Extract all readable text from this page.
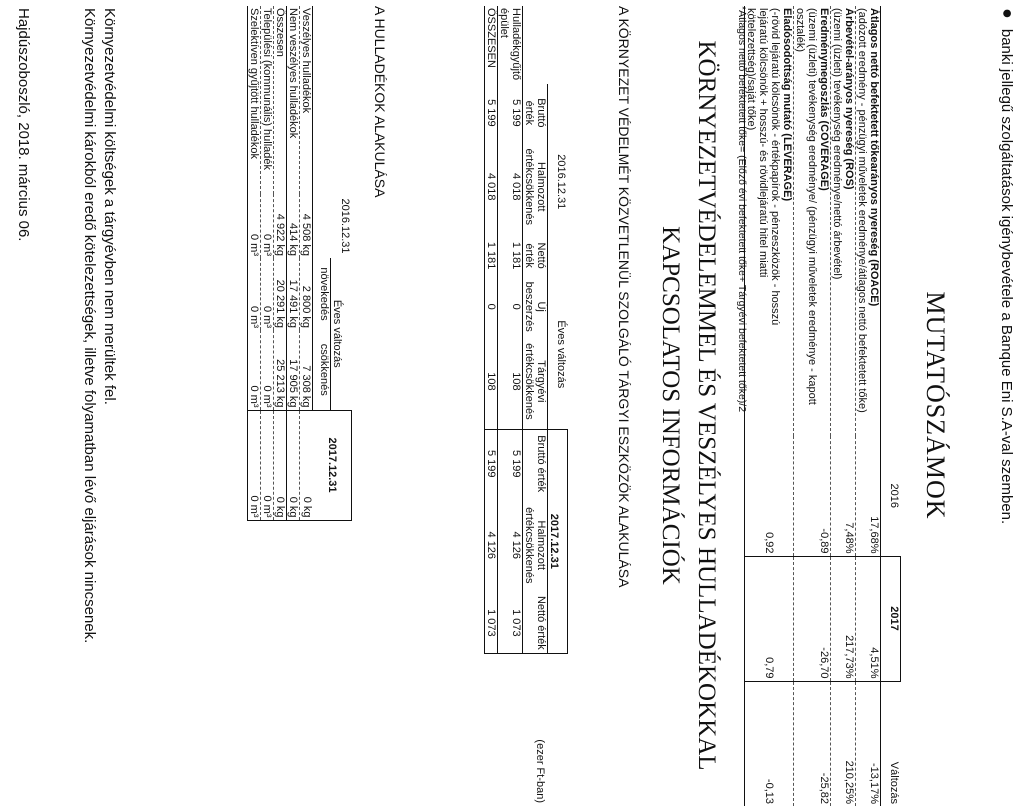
●banki jellegű szolgáltatások igénybevétele a Banque Eni S.A-val szemben.
MUTATÓSZÁMOK
	2016	2017	Változás

Átlagos nettó befektetett tőkearányos nyereség (ROACE)
(adózott eredmény - pénzügyi műveletek eredménye/átlagos nettó befektetett tőke)	17,68%	4,51%	-13,17%

Árbevétel-arányos nyereség (ROS)
(üzemi (üzleti) tevékenység eredménye/nettó árbevétel)	7,48%	217,73%	210,25%

Eredménymegoszlás (COVERAGE)
(üzemi (üzleti) tevékenység eredménye/ (pénzügyi műveletek eredménye - kapott osztalék)	-0,89	-26,70	-25,82

Eladósodottság mutató (LEVERAGE)
(-rövid lejáratú kölcsönök - értékpapírok - pénzeszközök - hosszú lejáratú kölcsönök + hosszú- és rövidlejáratú hitel miatti kötelezettség)/saját tőke)	0,92	0,79	-0,13
*Átlagos nettó befektetett tőke= (Előző évi befektetett tőke+ Tárgyévi befektetett tőke)/2
KÖRNYEZETVÉDELEMMEL ÉS VESZÉLYES HULLADÉKOKKAL
KAPCSOLATOS INFORMÁCIÓK
A KÖRNYEZET VÉDELMÉT KÖZVETLENÜL SZOLGÁLÓ TÁRGYI ESZKÖZÖK ALAKULÁSA
(ezer Ft-ban)
	2016.12.31			Éves változás		2017.12.31			
	Bruttó érték	Halmozott értékcsökkenés	Nettó érték	Új beszerzés	Tárgyévi értékcsökkenés	Bruttó érték	Halmozott értékcsökkenés	Nettó érték	
Hulladékgyűjtő épület	5 199	4 018	1 181	0	108	5 199	4 126	1 073	
ÖSSZESEN	5 199	4 018	1 181	0	108	5 199	4 126	1 073	
A HULLADÉKOK ALAKULÁSA
	2016.12.31	Éves változás		2017.12.31	
		növekedés	csökkenés		
Veszélyes hulladékok	4 508 kg	2 800 kg	7 308 kg	0 kg	
Nem veszélyes hulladékok	414 kg	17 491 kg	17 905 kg	0 kg	
Összesen	4 922 kg	20 291 kg	25 213 kg	0 kg	
Települési (kommunális) hulladék	0 m³	0 m³	0 m³	0 m³	
Szelektíven gyűjtött hulladékok	0 m³	0 m³	0 m³	0 m³	
Környezetvédelmi költségek a tárgyévben nem merültek fel.
Környezetvédelmi károkból eredő kötelezettségek, illetve folyamatban lévő eljárások nincsenek.
Hajdúszoboszló, 2018. március 06.
